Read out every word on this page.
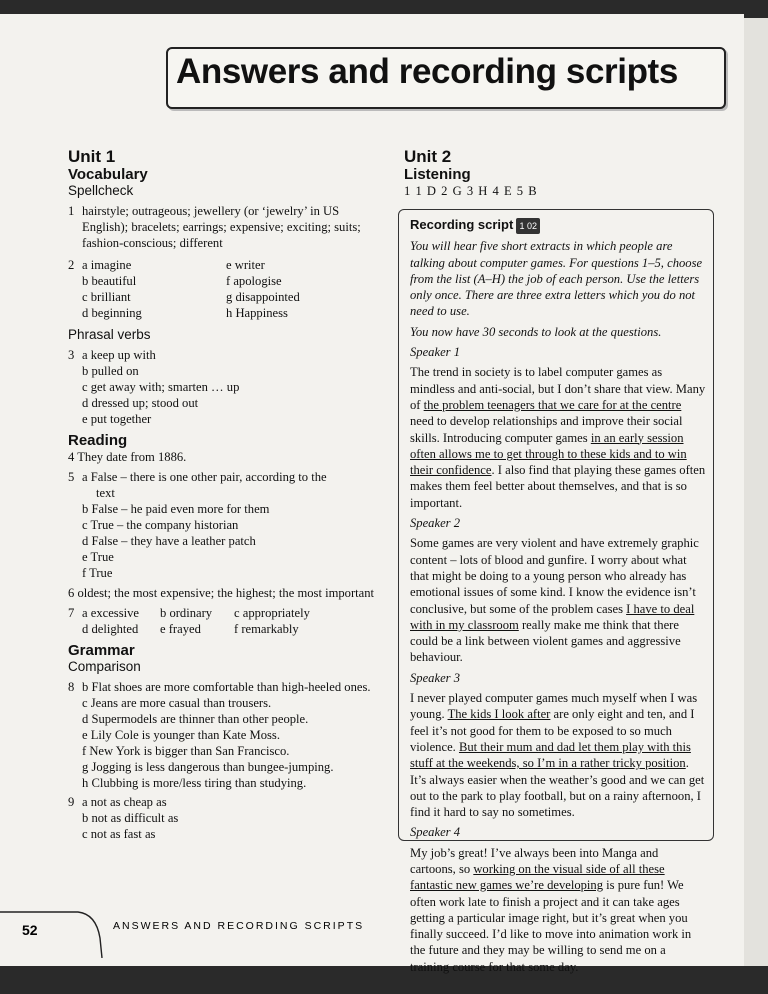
Answers and recording scripts
Unit 1
Vocabulary
Spellcheck
1 hairstyle; outrageous; jewellery (or ‘jewelry’ in US English); bracelets; earrings; expensive; exciting; suits; fashion-conscious; different
2 a imagine	e writer
b beautiful	f apologise
c brilliant	g disappointed
d beginning	h Happiness
Phrasal verbs
3 a keep up with
b pulled on
c get away with; smarten … up
d dressed up; stood out
e put together
Reading
4 They date from 1886.
5 a False – there is one other pair, according to the
text
b False – he paid even more for them
c True – the company historian
d False – they have a leather patch
e True
f True
6 oldest; the most expensive; the highest; the most important
7 a excessive	b ordinary	c appropriately
d delighted	e frayed	f remarkably
Grammar
Comparison
8 b Flat shoes are more comfortable than high-heeled ones.
c Jeans are more casual than trousers.
d Supermodels are thinner than other people.
e Lily Cole is younger than Kate Moss.
f New York is bigger than San Francisco.
g Jogging is less dangerous than bungee-jumping.
h Clubbing is more/less tiring than studying.
9 a not as cheap as
b not as difficult as
c not as fast as
Unit 2
Listening
1 1 D 2 G 3 H 4 E 5 B

Recording script 1 02

You will hear five short extracts in which people are talking about computer games. For questions 1–5, choose from the list (A–H) the job of each person. Use the letters only once. There are three extra letters which you do not need to use.

You now have 30 seconds to look at the questions.

Speaker 1

The trend in society is to label computer games as mindless and anti-social, but I don’t share that view. Many of the problem teenagers that we care for at the centre need to develop relationships and improve their social skills. Introducing computer games in an early session often allows me to get through to these kids and to win their confidence. I also find that playing these games often makes them feel better about themselves, and that is so important.

Speaker 2

Some games are very violent and have extremely graphic content – lots of blood and gunfire. I worry about what that might be doing to a young person who already has emotional issues of some kind. I know the evidence isn’t conclusive, but some of the problem cases I have to deal with in my classroom really make me think that there could be a link between violent games and aggressive behaviour.

Speaker 3

I never played computer games much myself when I was young. The kids I look after are only eight and ten, and I feel it’s not good for them to be exposed to so much violence. But their mum and dad let them play with this stuff at the weekends, so I’m in a rather tricky position. It’s always easier when the weather’s good and we can get out to the park to play football, but on a rainy afternoon, I find it hard to say no sometimes.

Speaker 4

My job’s great! I’ve always been into Manga and cartoons, so working on the visual side of all these fantastic new games we’re developing is pure fun! We often work late to finish a project and it can take ages getting a particular image right, but it’s great when you finally succeed. I’d like to move into animation work in the future and they may be willing to send me on a training course for that some day.

52	ANSWERS AND RECORDING SCRIPTS
